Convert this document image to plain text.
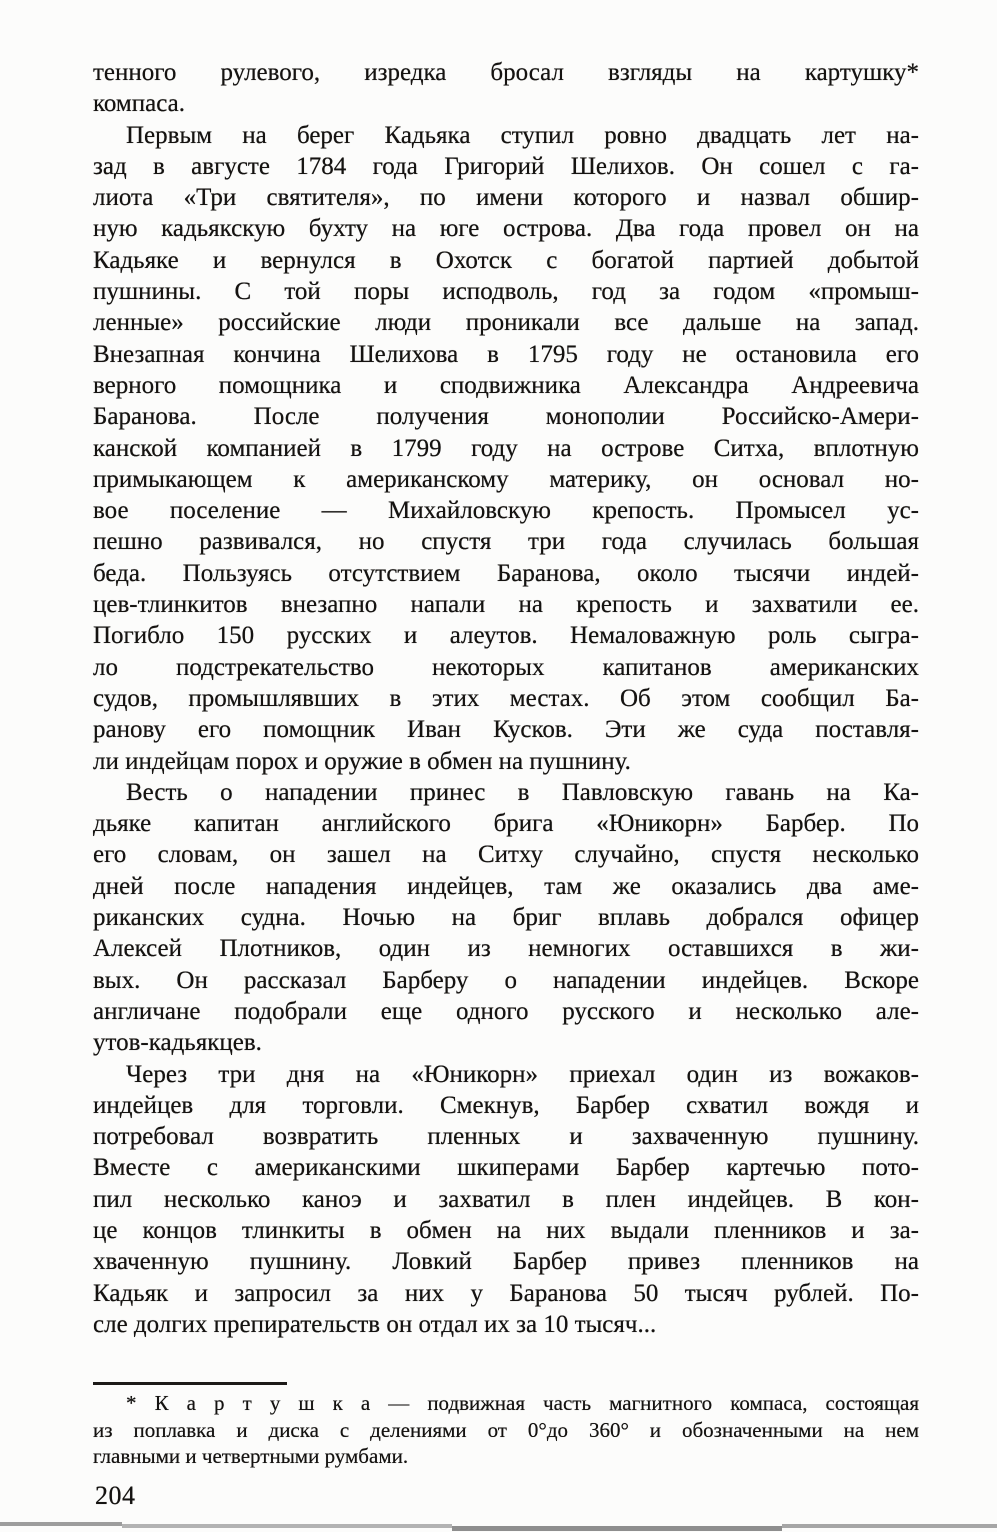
тенного рулевого, изредка бросал взгляды на картушку*
компаса.
Первым на берег Кадьяка ступил ровно двадцать лет на-
зад в августе 1784 года Григорий Шелихов. Он сошел с га-
лиота «Три святителя», по имени которого и назвал обшир-
ную кадьякскую бухту на юге острова. Два года провел он на
Кадьяке и вернулся в Охотск с богатой партией добытой
пушнины. С той поры исподволь, год за годом «промыш-
ленные» российские люди проникали все дальше на запад.
Внезапная кончина Шелихова в 1795 году не остановила его
верного помощника и сподвижника Александра Андреевича
Баранова. После получения монополии Российско-Амери-
канской компанией в 1799 году на острове Ситха, вплотную
примыкающем к американскому материку, он основал но-
вое поселение — Михайловскую крепость. Промысел ус-
пешно развивался, но спустя три года случилась большая
беда. Пользуясь отсутствием Баранова, около тысячи индей-
цев-тлинкитов внезапно напали на крепость и захватили ее.
Погибло 150 русских и алеутов. Немаловажную роль сыгра-
ло подстрекательство некоторых капитанов американских
судов, промышлявших в этих местах. Об этом сообщил Ба-
ранову его помощник Иван Кусков. Эти же суда поставля-
ли индейцам порох и оружие в обмен на пушнину.
Весть о нападении принес в Павловскую гавань на Ка-
дьяке капитан английского брига «Юникорн» Барбер. По
его словам, он зашел на Ситху случайно, спустя несколько
дней после нападения индейцев, там же оказались два аме-
риканских судна. Ночью на бриг вплавь добрался офицер
Алексей Плотников, один из немногих оставшихся в жи-
вых. Он рассказал Барберу о нападении индейцев. Вскоре
англичане подобрали еще одного русского и несколько але-
утов-кадьякцев.
Через три дня на «Юникорн» приехал один из вожаков-
индейцев для торговли. Смекнув, Барбер схватил вождя и
потребовал возвратить пленных и захваченную пушнину.
Вместе с американскими шкиперами Барбер картечью пото-
пил несколько каноэ и захватил в плен индейцев. В кон-
це концов тлинкиты в обмен на них выдали пленников и за-
хваченную пушнину. Ловкий Барбер привез пленников на
Кадьяк и запросил за них у Баранова 50 тысяч рублей. По-
сле долгих препирательств он отдал их за 10 тысяч...
* К а р т у ш к а — подвижная часть магнитного компаса, состоящая
из поплавка и диска с делениями от 0°до 360° и обозначенными на нем
главными и четвертными румбами.
204
